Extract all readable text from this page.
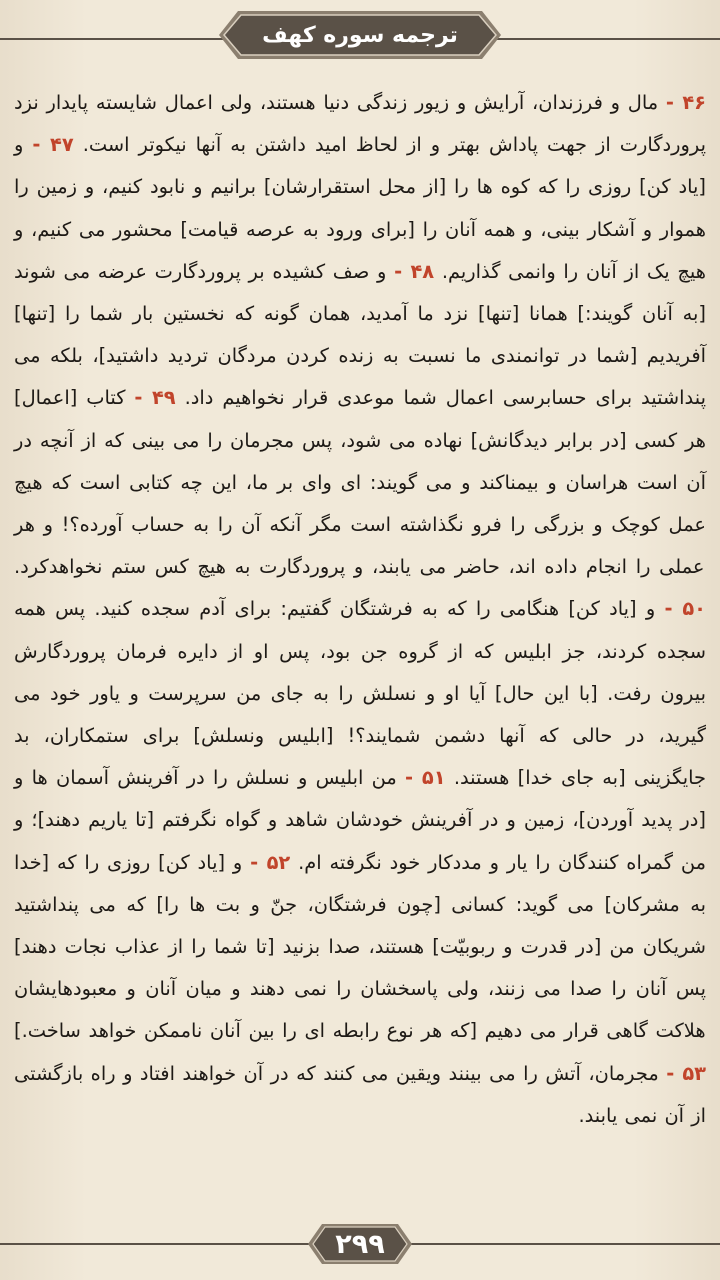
ترجمه سوره کهف
۴۶ - مال و فرزندان، آرایش و زیور زندگی دنیا هستند، ولی اعمال شایسته پایدار نزد پروردگارت از جهت پاداش بهتر و از لحاظ امید داشتن به آنها نیکوتر است. ۴۷ - و [یاد کن] روزی را که کوه ها را [از محل استقرارشان] برانیم و نابود کنیم، و زمین را هموار و آشکار بینی، و همه آنان را [برای ورود به عرصه قیامت] محشور می کنیم، و هیچ یک از آنان را وانمی گذاریم. ۴۸ - و صف کشیده بر پروردگارت عرضه می شوند [به آنان گویند:] همانا [تنها] نزد ما آمدید، همان گونه که نخستین بار شما را [تنها] آفریدیم [شما در توانمندی ما نسبت به زنده کردن مردگان تردید داشتید]، بلکه می پنداشتید برای حسابرسی اعمال شما موعدی قرار نخواهیم داد. ۴۹ - کتاب [اعمال] هر کسی [در برابر دیدگانش] نهاده می شود، پس مجرمان را می بینی که از آنچه در آن است هراسان و بیمناکند و می گویند: ای وای بر ما، این چه کتابی است که هیچ عمل کوچک و بزرگی را فرو نگذاشته است مگر آنکه آن را به حساب آورده؟! و هر عملی را انجام داده اند، حاضر می یابند، و پروردگارت به هیچ کس ستم نخواهدکرد. ۵۰ - و [یاد کن] هنگامی را که به فرشتگان گفتیم: برای آدم سجده کنید. پس همه سجده کردند، جز ابلیس که از گروه جن بود، پس او از دایره فرمان پروردگارش بیرون رفت. [با این حال] آیا او و نسلش را به جای من سرپرست و یاور خود می گیرید، در حالی که آنها دشمن شمایند؟! [ابلیس ونسلش] برای ستمکاران، بد جایگزینی [به جای خدا] هستند. ۵۱ - من ابلیس و نسلش را در آفرینش آسمان ها و [در پدید آوردن]، زمین و در آفرینش خودشان شاهد و گواه نگرفتم [تا یاریم دهند]؛ و من گمراه کنندگان را یار و مددکار خود نگرفته ام. ۵۲ - و [یاد کن] روزی را که [خدا به مشرکان] می گوید: کسانی [چون فرشتگان، جنّ و بت ها را] که می پنداشتید شریکان من [در قدرت و ربوبیّت] هستند، صدا بزنید [تا شما را از عذاب نجات دهند] پس آنان را صدا می زنند، ولی پاسخشان را نمی دهند و میان آنان و معبودهایشان هلاکت گاهی قرار می دهیم [که هر نوع رابطه ای را بین آنان ناممکن خواهد ساخت.] ۵۳ - مجرمان، آتش را می بینند ویقین می کنند که در آن خواهند افتاد و راه بازگشتی از آن نمی یابند.
۲۹۹
